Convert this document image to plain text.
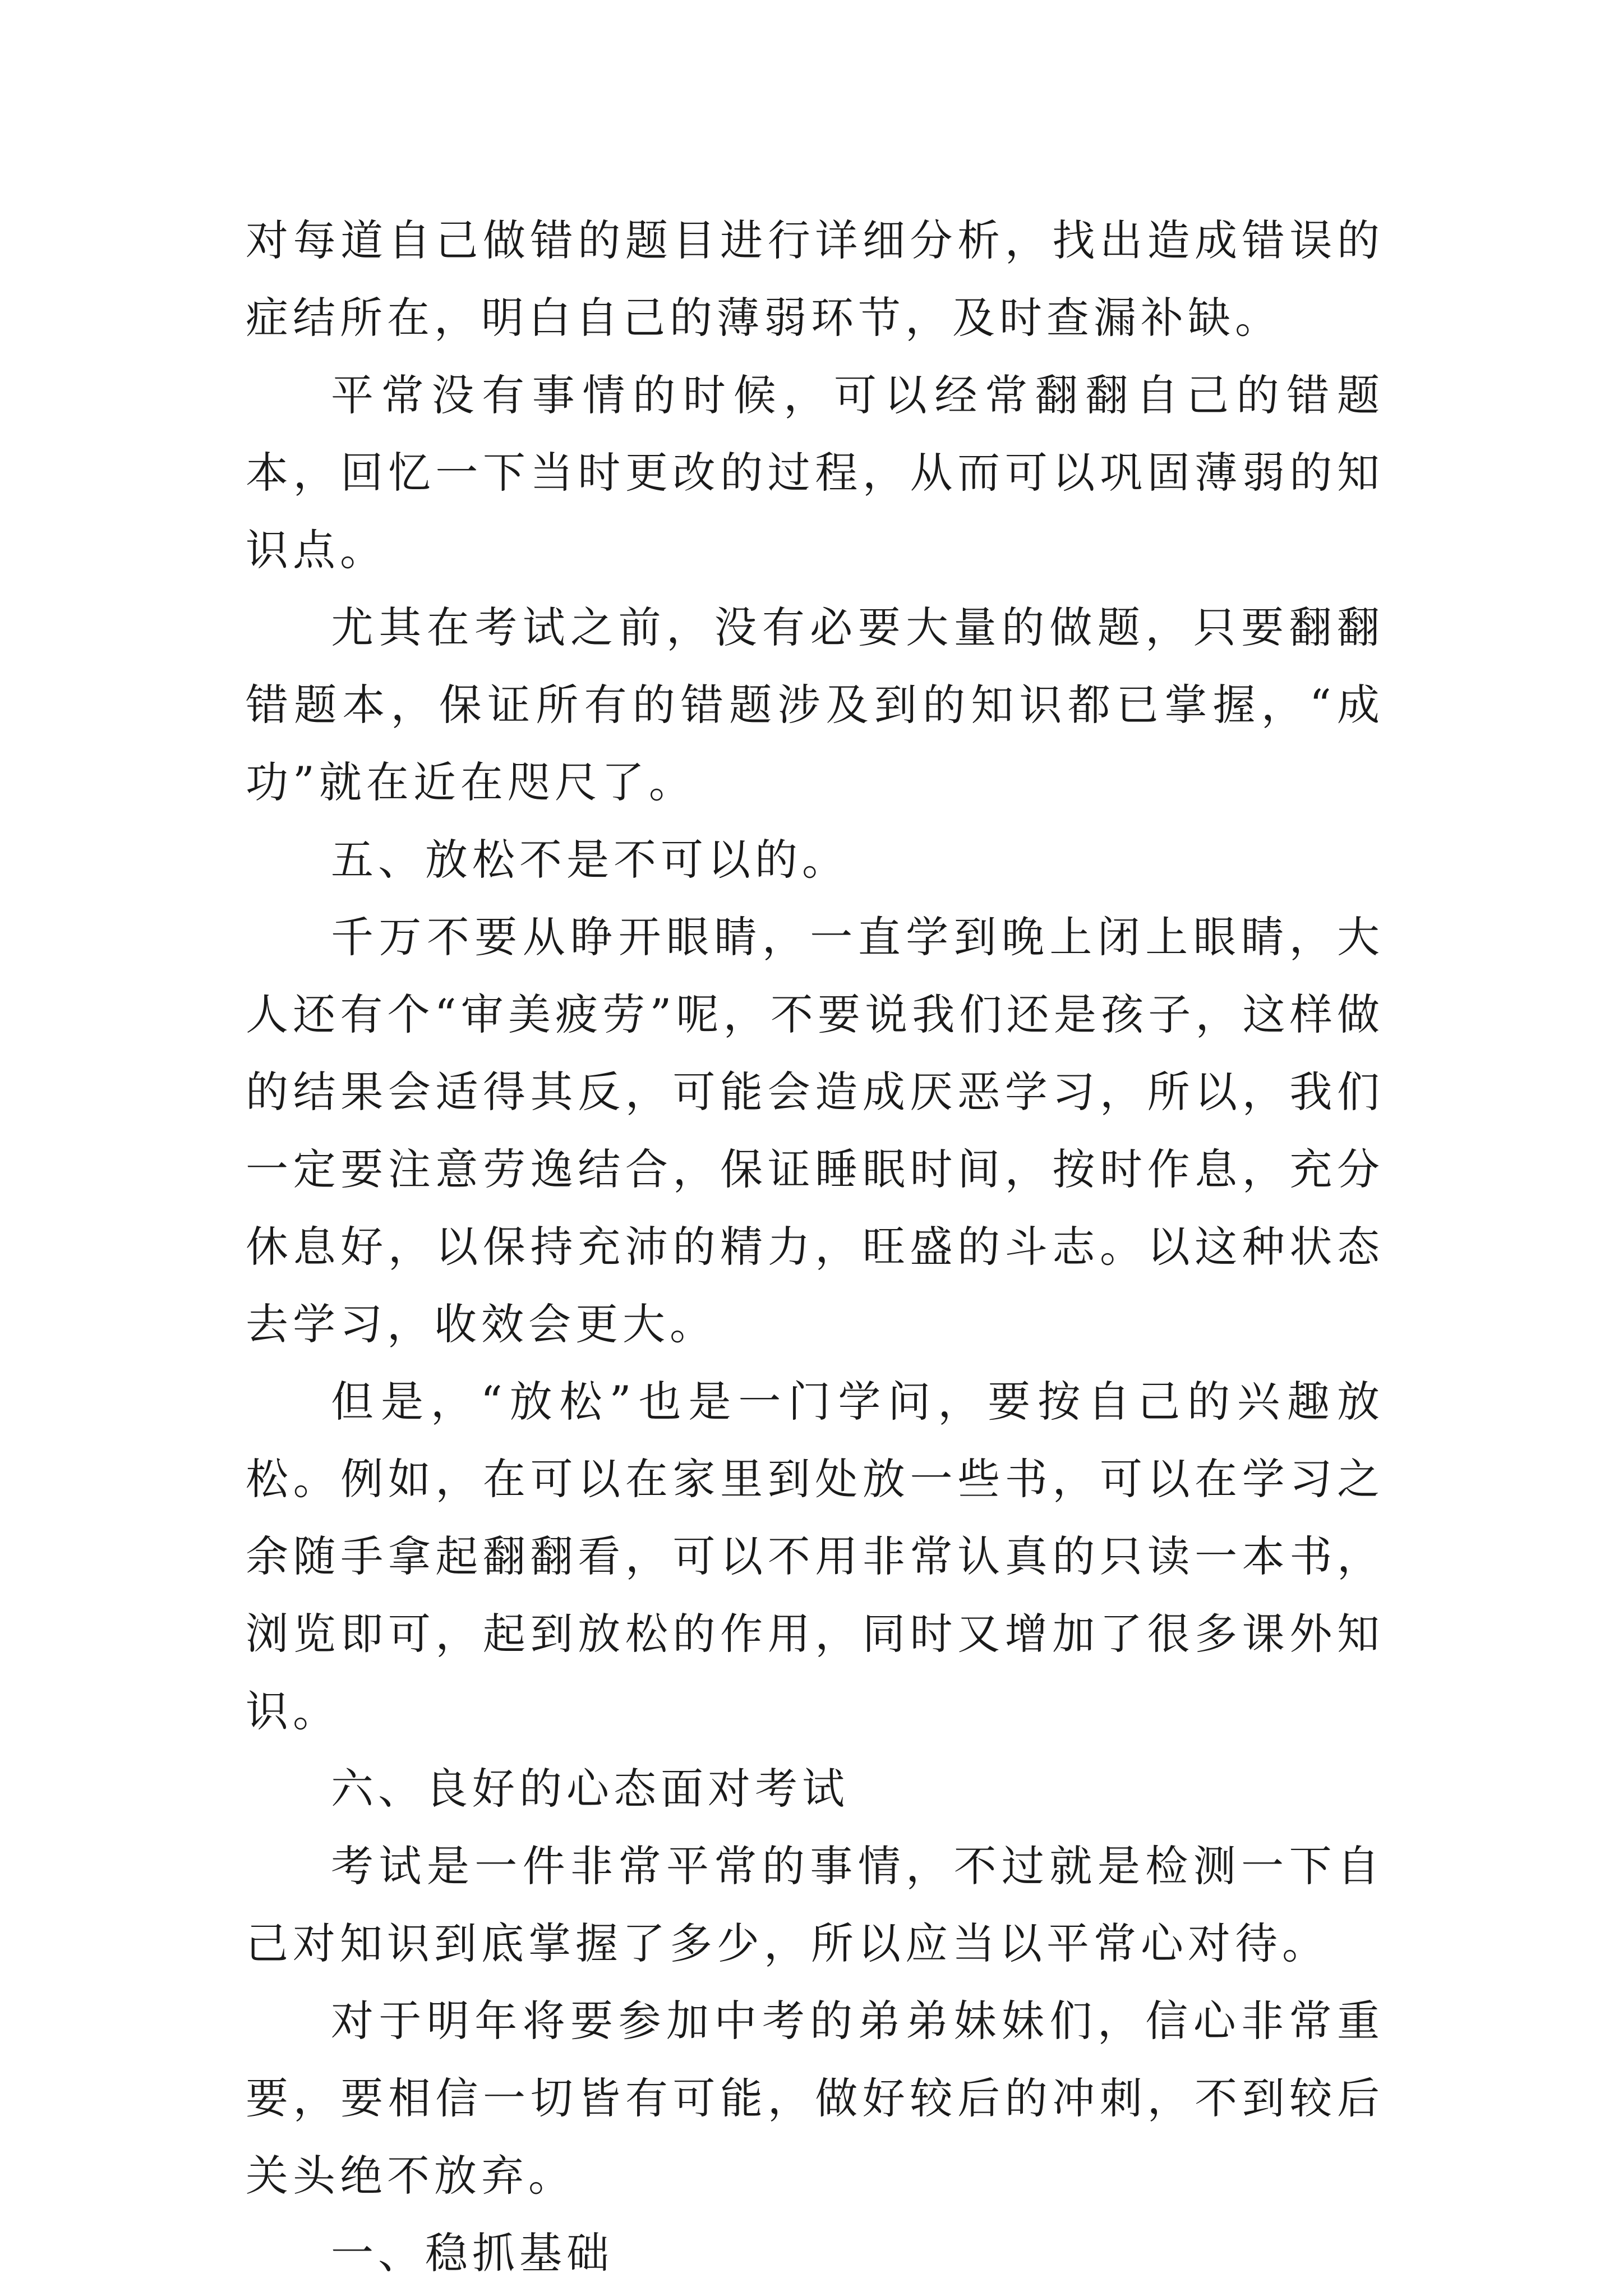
对每道自己做错的题目进行详细分析，找出造成错误的症结所在，明白自己的薄弱环节，及时查漏补缺。

平常没有事情的时候，可以经常翻翻自己的错题本，回忆一下当时更改的过程，从而可以巩固薄弱的知识点。

尤其在考试之前，没有必要大量的做题，只要翻翻错题本，保证所有的错题涉及到的知识都已掌握，“成功”就在近在咫尺了。

五、放松不是不可以的。

千万不要从睁开眼睛，一直学到晚上闭上眼睛，大人还有个“审美疲劳”呢，不要说我们还是孩子，这样做的结果会适得其反，可能会造成厌恶学习，所以，我们一定要注意劳逸结合，保证睡眠时间，按时作息，充分休息好，以保持充沛的精力，旺盛的斗志。以这种状态去学习，收效会更大。

但是，“放松”也是一门学问，要按自己的兴趣放松。例如，在可以在家里到处放一些书，可以在学习之余随手拿起翻翻看，可以不用非常认真的只读一本书，浏览即可，起到放松的作用，同时又增加了很多课外知识。

六、良好的心态面对考试

考试是一件非常平常的事情，不过就是检测一下自己对知识到底掌握了多少，所以应当以平常心对待。

对于明年将要参加中考的弟弟妹妹们，信心非常重要，要相信一切皆有可能，做好较后的冲刺，不到较后关头绝不放弃。

一、稳抓基础
